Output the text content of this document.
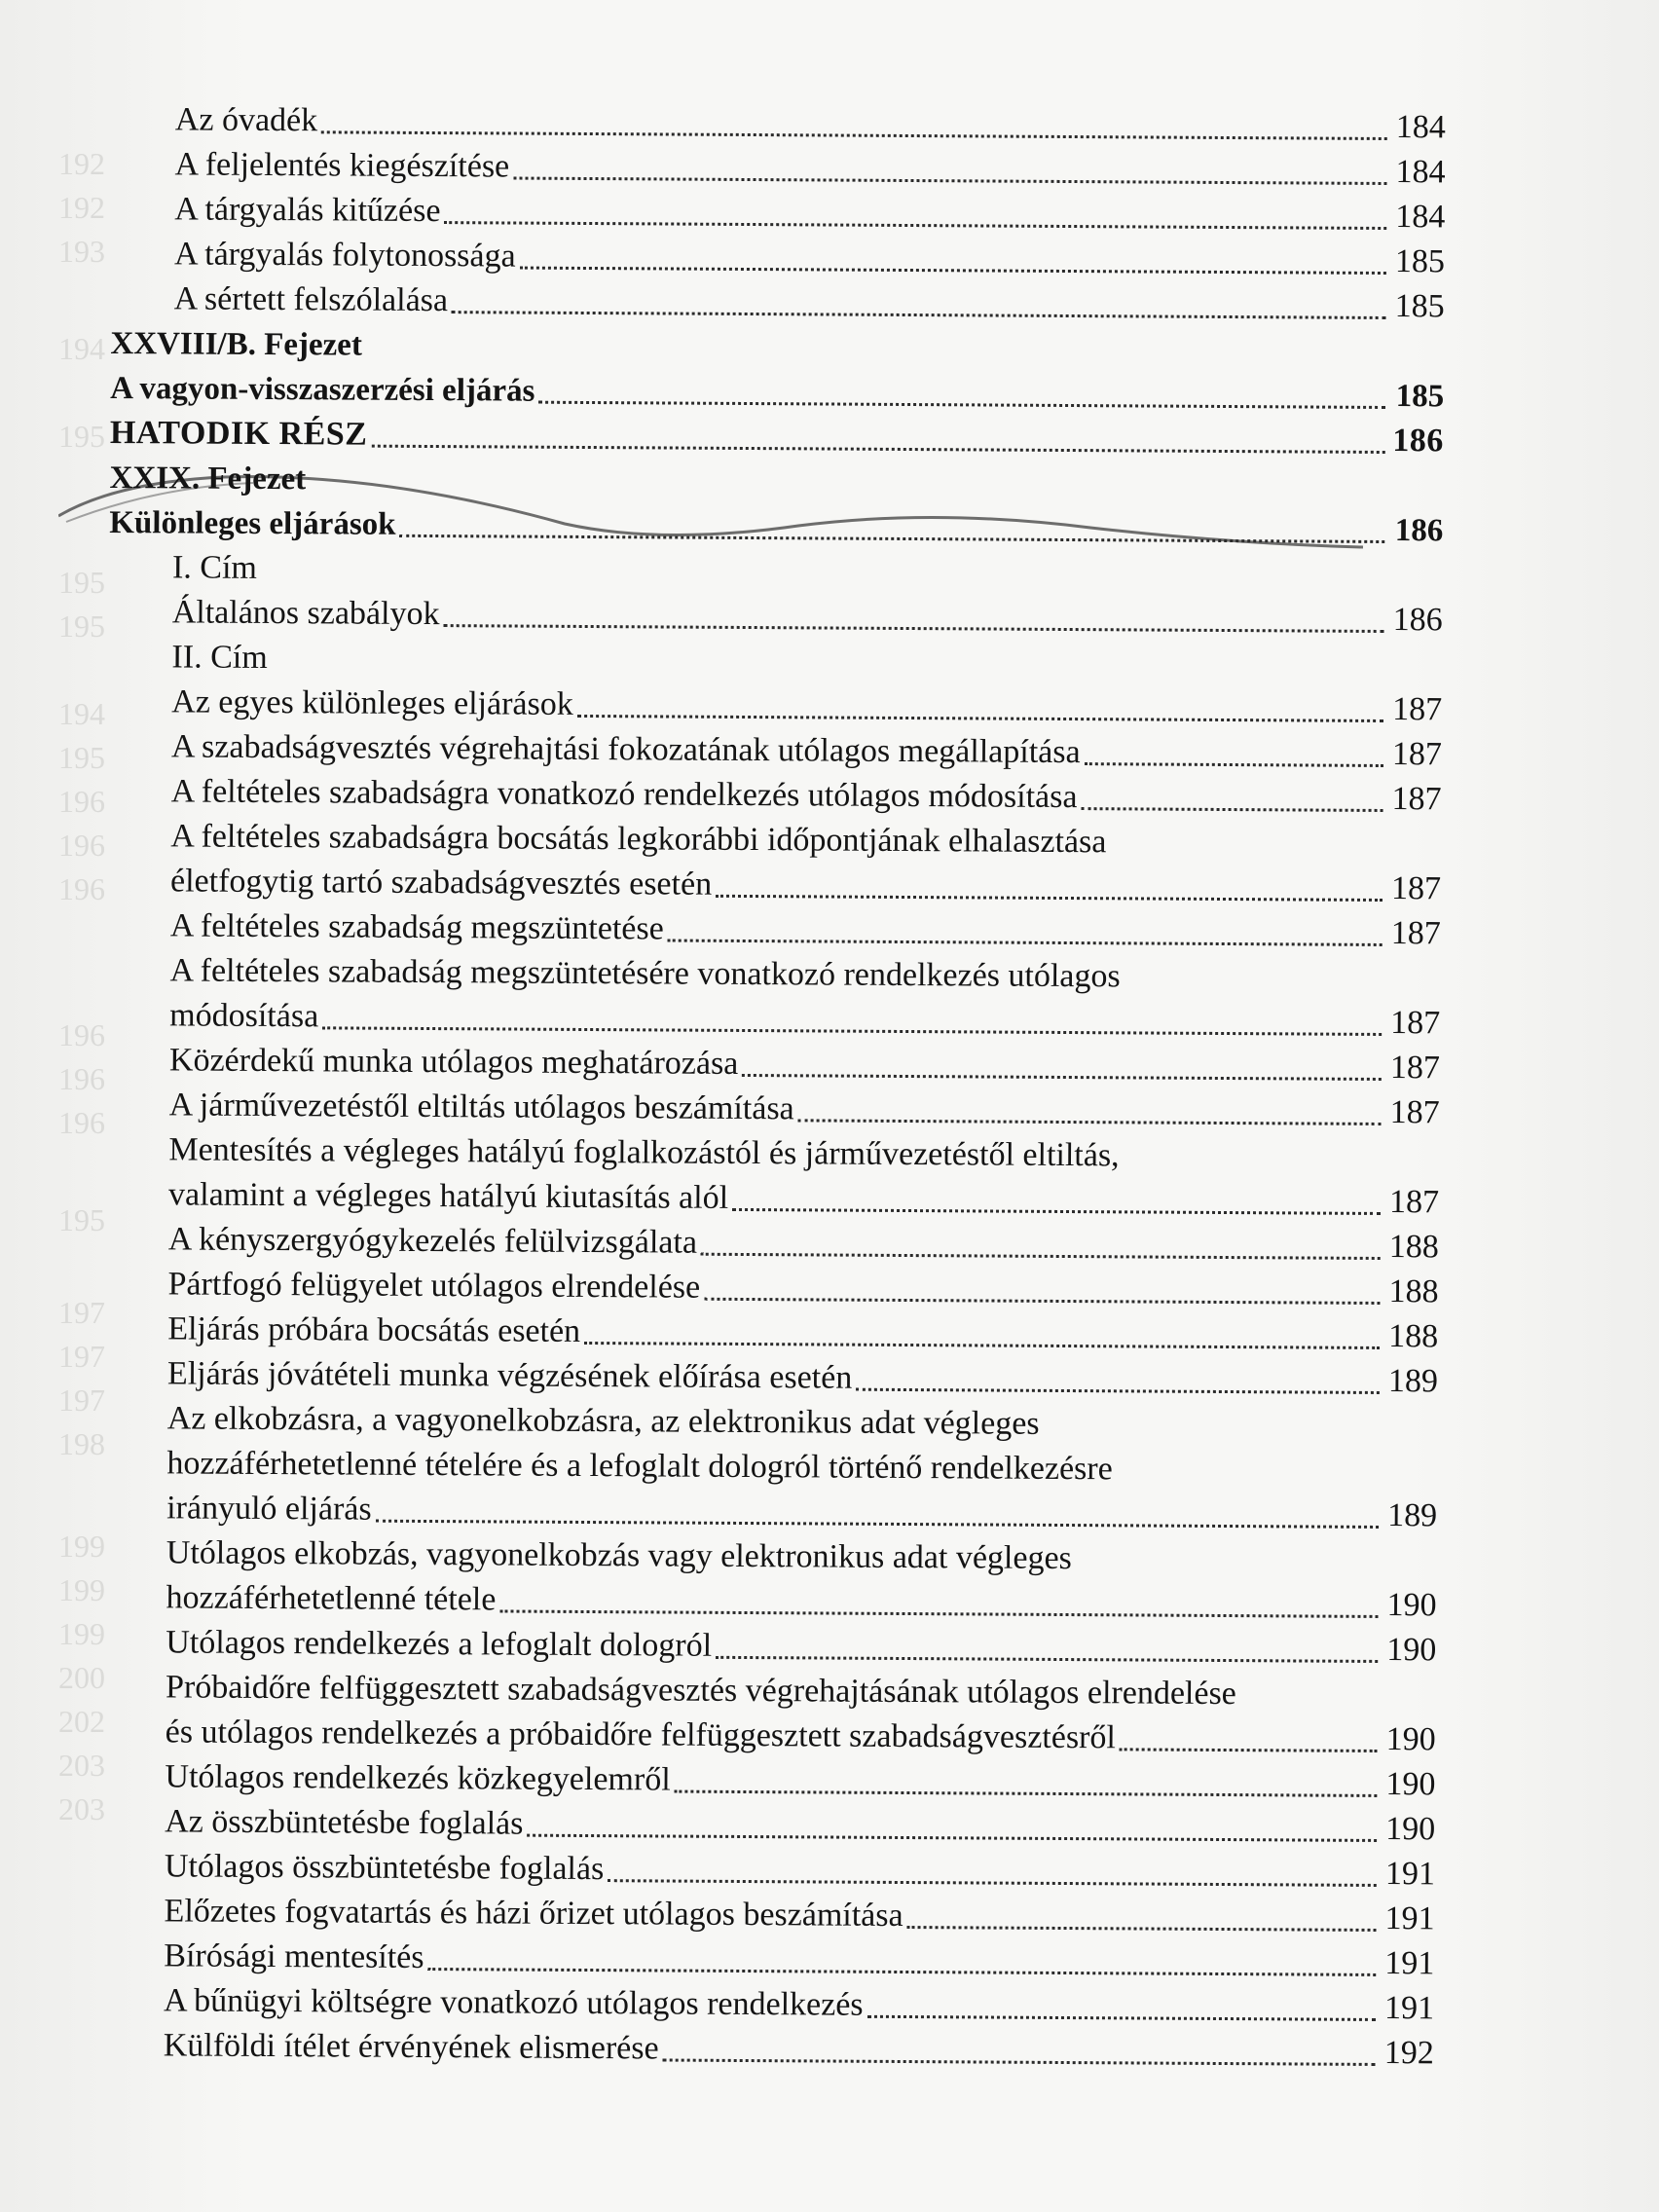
192
192
193
194
195
195
195
194
195
196
196
196
196
196
196
195
197
197
197
198
199
199
199
200
202
203
203
Az óvadék	184
A feljelentés kiegészítése	184
A tárgyalás kitűzése	184
A tárgyalás folytonossága	185
A sértett felszólalása	185
XXVIII/B. Fejezet
A vagyon-visszaszerzési eljárás	185
HATODIK RÉSZ	186
XXIX. Fejezet
Különleges eljárások	186
I. Cím
Általános szabályok	186
II. Cím
Az egyes különleges eljárások	187
A szabadságvesztés végrehajtási fokozatának utólagos megállapítása	187
A feltételes szabadságra vonatkozó rendelkezés utólagos módosítása	187
A feltételes szabadságra bocsátás legkorábbi időpontjának elhalasztása
életfogytig tartó szabadságvesztés esetén	187
A feltételes szabadság megszüntetése	187
A feltételes szabadság megszüntetésére vonatkozó rendelkezés utólagos
módosítása	187
Közérdekű munka utólagos meghatározása	187
A járművezetéstől eltiltás utólagos beszámítása	187
Mentesítés a végleges hatályú foglalkozástól és járművezetéstől eltiltás,
valamint a végleges hatályú kiutasítás alól	187
A kényszergyógykezelés felülvizsgálata	188
Pártfogó felügyelet utólagos elrendelése	188
Eljárás próbára bocsátás esetén	188
Eljárás jóvátételi munka végzésének előírása esetén	189
Az elkobzásra, a vagyonelkobzásra, az elektronikus adat végleges
hozzáférhetetlenné tételére és a lefoglalt dologról történő rendelkezésre
irányuló eljárás	189
Utólagos elkobzás, vagyonelkobzás vagy elektronikus adat végleges
hozzáférhetetlenné tétele	190
Utólagos rendelkezés a lefoglalt dologról	190
Próbaidőre felfüggesztett szabadságvesztés végrehajtásának utólagos elrendelése
és utólagos rendelkezés a próbaidőre felfüggesztett szabadságvesztésről	190
Utólagos rendelkezés közkegyelemről	190
Az összbüntetésbe foglalás	190
Utólagos összbüntetésbe foglalás	191
Előzetes fogvatartás és házi őrizet utólagos beszámítása	191
Bírósági mentesítés	191
A bűnügyi költségre vonatkozó utólagos rendelkezés	191
Külföldi ítélet érvényének elismerése	192
